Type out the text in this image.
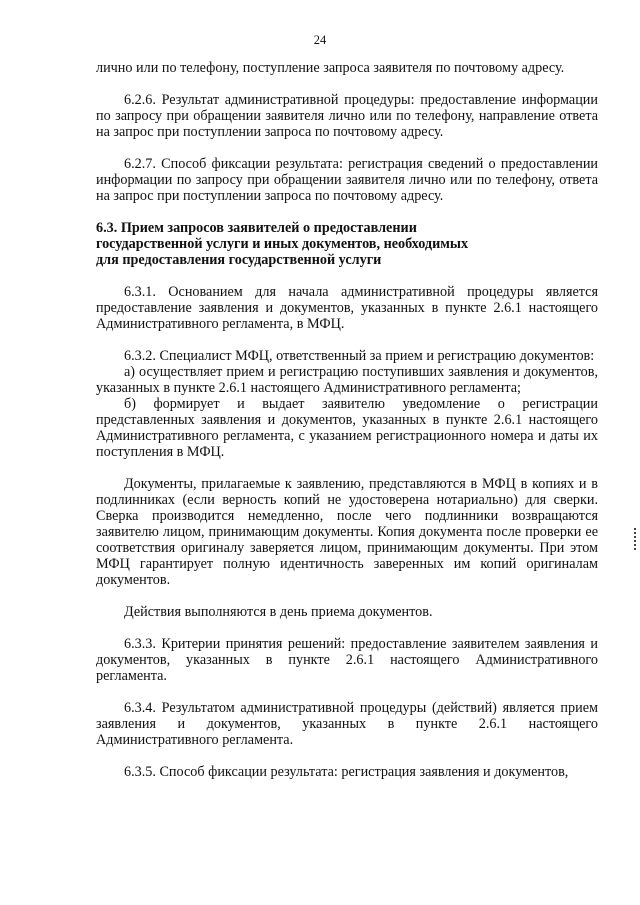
24

лично или по телефону, поступление запроса заявителя по почтовому адресу.

6.2.6. Результат административной процедуры: предоставление информации по запросу при обращении заявителя лично или по телефону, направление ответа на запрос при поступлении запроса по почтовому адресу.

6.2.7. Способ фиксации результата: регистрация сведений о предоставлении информации по запросу при обращении заявителя лично или по телефону, ответа на запрос при поступлении запроса по почтовому адресу.

6.3. Прием запросов заявителей о предоставлении

государственной услуги и иных документов, необходимых

для предоставления государственной услуги

6.3.1. Основанием для начала административной процедуры является предоставление заявления и документов, указанных в пункте 2.6.1 настоящего Административного регламента, в МФЦ.

6.3.2. Специалист МФЦ, ответственный за прием и регистрацию документов:

а) осуществляет прием и регистрацию поступивших заявления и документов, указанных в пункте 2.6.1 настоящего Административного регламента;

б) формирует и выдает заявителю уведомление о регистрации представленных заявления и документов, указанных в пункте 2.6.1 настоящего Административного регламента, с указанием регистрационного номера и даты их поступления в МФЦ.

Документы, прилагаемые к заявлению, представляются в МФЦ в копиях и в подлинниках (если верность копий не удостоверена нотариально) для сверки. Сверка производится немедленно, после чего подлинники возвращаются заявителю лицом, принимающим документы. Копия документа после проверки ее соответствия оригиналу заверяется лицом, принимающим документы. При этом МФЦ гарантирует полную идентичность заверенных им копий оригиналам документов.

Действия выполняются в день приема документов.

6.3.3. Критерии принятия решений: предоставление заявителем заявления и документов, указанных в пункте 2.6.1 настоящего Административного регламента.

6.3.4. Результатом административной процедуры (действий) является прием заявления и документов, указанных в пункте 2.6.1 настоящего Административного регламента.

6.3.5. Способ фиксации результата: регистрация заявления и документов,
